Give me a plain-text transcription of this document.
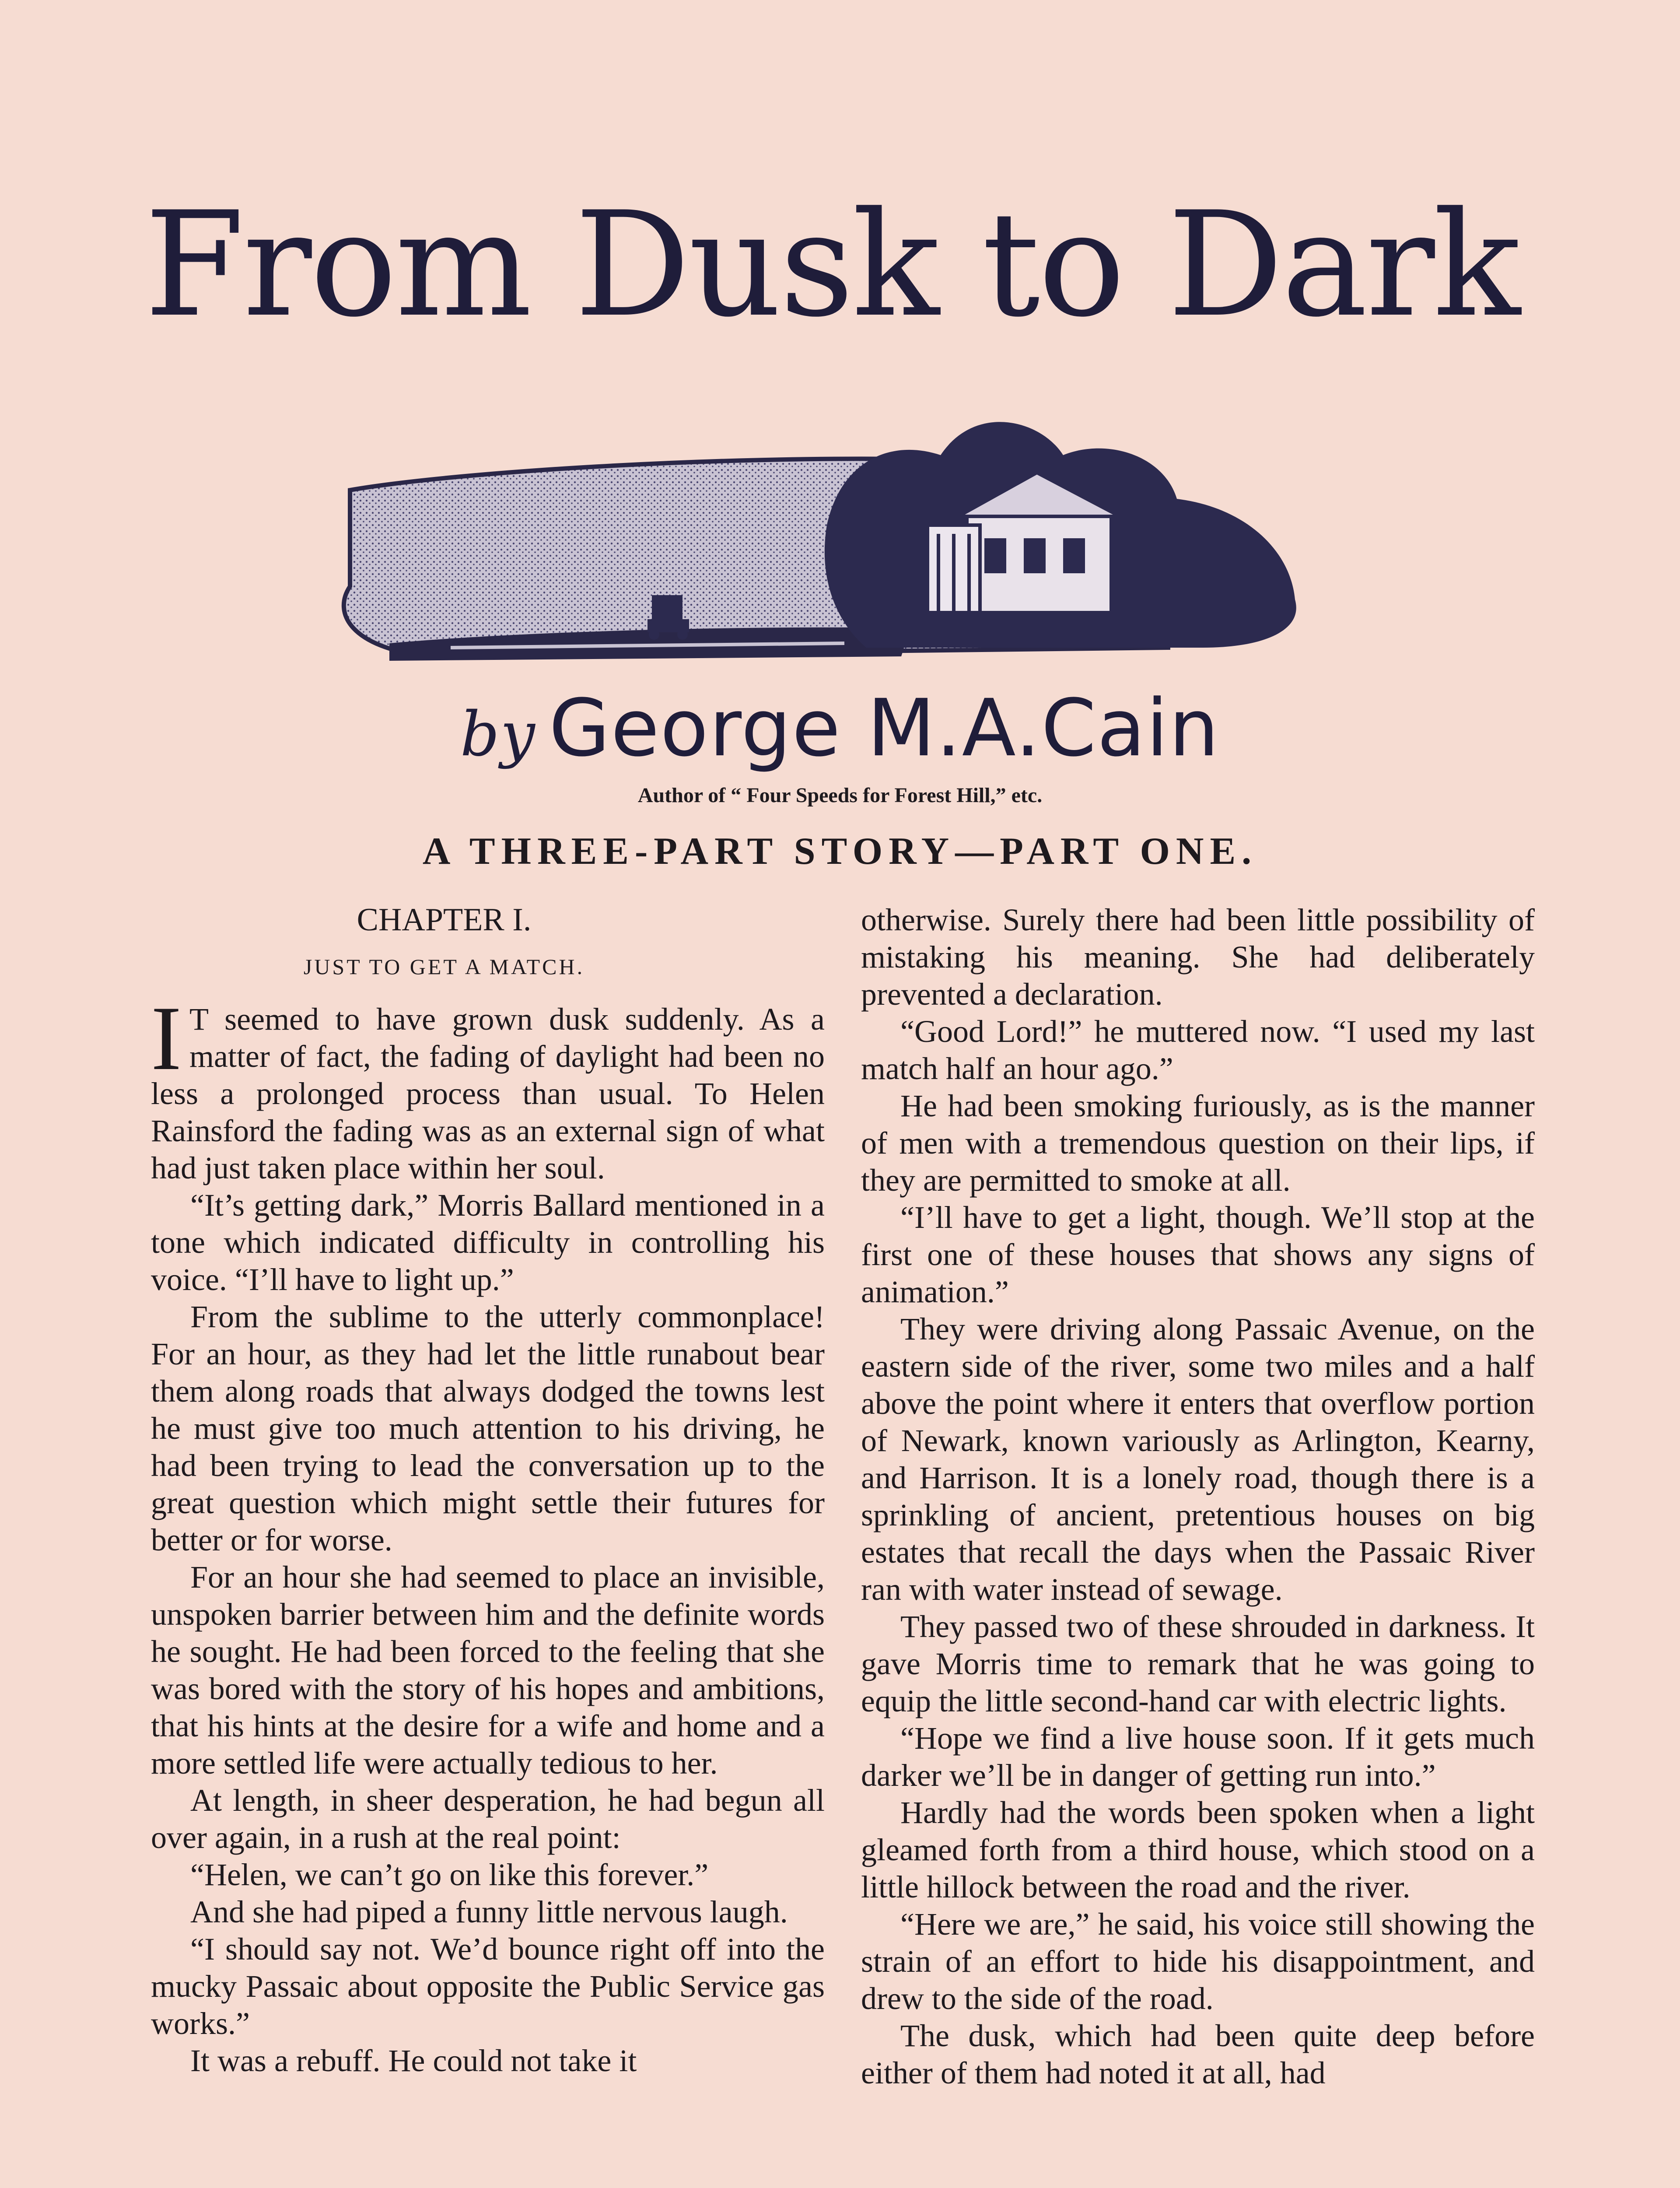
From Dusk to Dark
by George M.A.Cain
Author of “ Four Speeds for Forest Hill,” etc.
A THREE-PART STORY—PART ONE.
CHAPTER I.
JUST TO GET A MATCH.

I T seemed to have grown dusk suddenly. As a matter of fact, the fading of daylight had been no less a prolonged process than usual. To Helen Rainsford the fading was as an external sign of what had just taken place within her soul.

“It’s getting dark,” Morris Ballard mentioned in a tone which indicated difficulty in controlling his voice. “I’ll have to light up.”

From the sublime to the utterly commonplace! For an hour, as they had let the little runabout bear them along roads that always dodged the towns lest he must give too much attention to his driving, he had been trying to lead the conversation up to the great question which might settle their futures for better or for worse.

For an hour she had seemed to place an invisible, unspoken barrier between him and the definite words he sought. He had been forced to the feeling that she was bored with the story of his hopes and ambitions, that his hints at the desire for a wife and home and a more settled life were actually tedious to her.

At length, in sheer desperation, he had begun all over again, in a rush at the real point:

“Helen, we can’t go on like this forever.”

And she had piped a funny little nervous laugh.

“I should say not. We’d bounce right off into the mucky Passaic about opposite the Public Service gas works.”

It was a rebuff. He could not take it

otherwise. Surely there had been little possibility of mistaking his meaning. She had deliberately prevented a declaration.

“Good Lord!” he muttered now. “I used my last match half an hour ago.”

He had been smoking furiously, as is the manner of men with a tremendous question on their lips, if they are permitted to smoke at all.

“I’ll have to get a light, though. We’ll stop at the first one of these houses that shows any signs of animation.”

They were driving along Passaic Avenue, on the eastern side of the river, some two miles and a half above the point where it enters that overflow portion of Newark, known variously as Arlington, Kearny, and Harrison. It is a lonely road, though there is a sprinkling of ancient, pretentious houses on big estates that recall the days when the Passaic River ran with water instead of sewage.

They passed two of these shrouded in darkness. It gave Morris time to remark that he was going to equip the little second-hand car with electric lights.

“Hope we find a live house soon. If it gets much darker we’ll be in danger of getting run into.”

Hardly had the words been spoken when a light gleamed forth from a third house, which stood on a little hillock between the road and the river.

“Here we are,” he said, his voice still showing the strain of an effort to hide his disappointment, and drew to the side of the road.

The dusk, which had been quite deep before either of them had noted it at all, had
